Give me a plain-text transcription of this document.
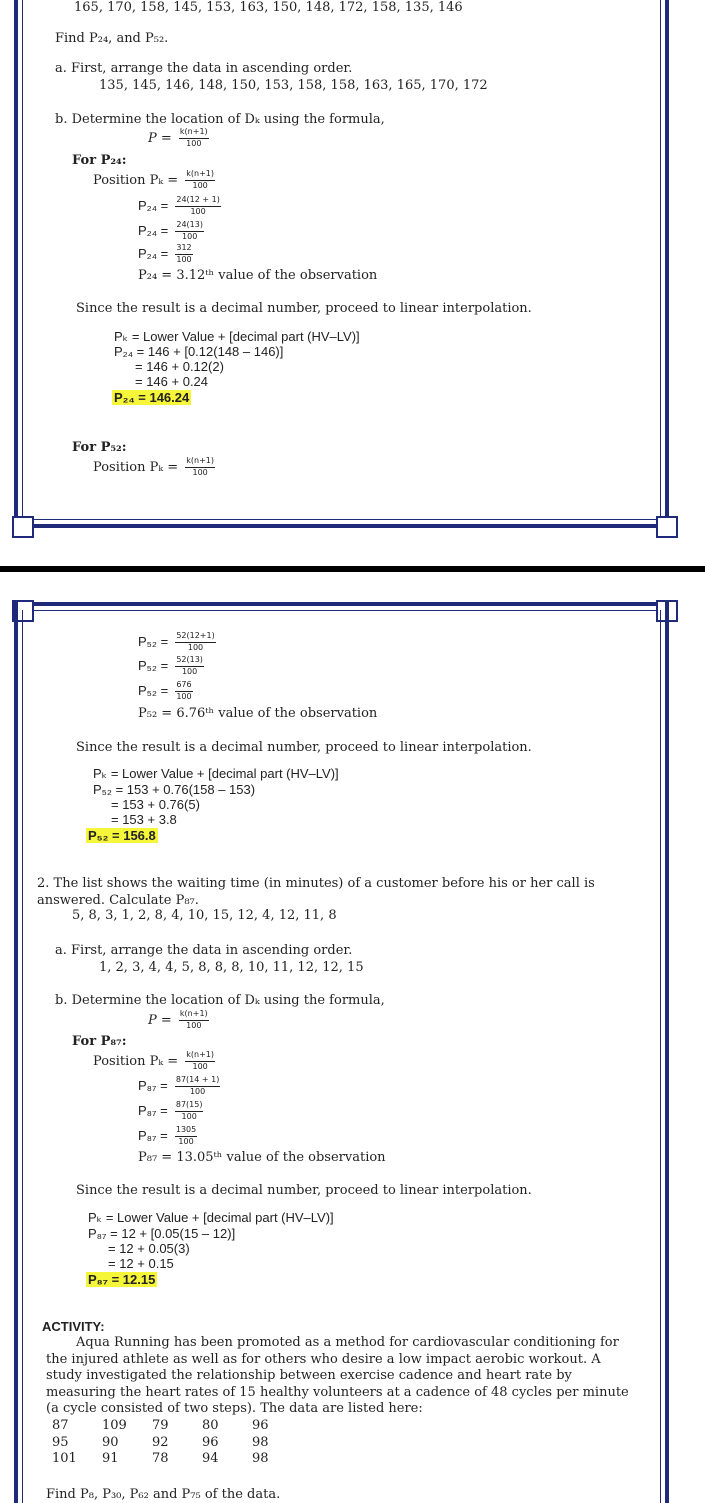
165, 170, 158, 145, 153, 163, 150, 148, 172, 158, 135, 146
Find P₂₄, and P₅₂.
a. First, arrange the data in ascending order.
135, 145, 146, 148, 150, 153, 158, 158, 163, 165, 170, 172
b. Determine the location of Dₖ using the formula,
$P = \frac{k(n+1)}{100}$
For P₂₄:
Position $P_k = \frac{k(n+1)}{100}$
$P_{24} = \frac{24(12 + 1)}{100}$
$P_{24} = \frac{24(13)}{100}$
$P_{24} = \frac{312}{100}$
P₂₄ = 3.12ᵗʰ value of the observation
Since the result is a decimal number, proceed to linear interpolation.
Pₖ = Lower Value + [decimal part (HV–LV)]
P₂₄ = 146 + [0.12(148 – 146)]
= 146 + 0.12(2)
= 146 + 0.24
P₂₄ = 146.24
For P₅₂:
Position $P_k = \frac{k(n+1)}{100}$
$P_{52} = \frac{52(12+1)}{100}$
$P_{52} = \frac{52(13)}{100}$
$P_{52} = \frac{676}{100}$
P₅₂ = 6.76ᵗʰ value of the observation
Since the result is a decimal number, proceed to linear interpolation.
Pₖ = Lower Value + [decimal part (HV–LV)]
P₅₂ = 153 + 0.76(158 – 153)
= 153 + 0.76(5)
= 153 + 3.8
P₅₂ = 156.8
2. The list shows the waiting time (in minutes) of a customer before his or her call is answered. Calculate P₈₇.
5, 8, 3, 1, 2, 8, 4, 10, 15, 12, 4, 12, 11, 8
a. First, arrange the data in ascending order.
1, 2, 3, 4, 4, 5, 8, 8, 8, 10, 11, 12, 12, 15
b. Determine the location of Dₖ using the formula,
$P = \frac{k(n+1)}{100}$
For P₈₇:
Position $P_k = \frac{k(n+1)}{100}$
$P_{87} = \frac{87(14 + 1)}{100}$
$P_{87} = \frac{87(15)}{100}$
$P_{87} = \frac{1305}{100}$
P₈₇ = 13.05ᵗʰ value of the observation
Since the result is a decimal number, proceed to linear interpolation.
Pₖ = Lower Value + [decimal part (HV–LV)]
P₈₇ = 12 + [0.05(15 – 12)]
= 12 + 0.05(3)
= 12 + 0.15
P₈₇ = 12.15
ACTIVITY:
Aqua Running has been promoted as a method for cardiovascular conditioning for the injured athlete as well as for others who desire a low impact aerobic workout. A study investigated the relationship between exercise cadence and heart rate by measuring the heart rates of 15 healthy volunteers at a cadence of 48 cycles per minute (a cycle consisted of two steps). The data are listed here:
87	109	79	80	96
95	90	92	96	98
101	91	78	94	98
Find P₈, P₃₀, P₆₂ and P₇₅ of the data.
